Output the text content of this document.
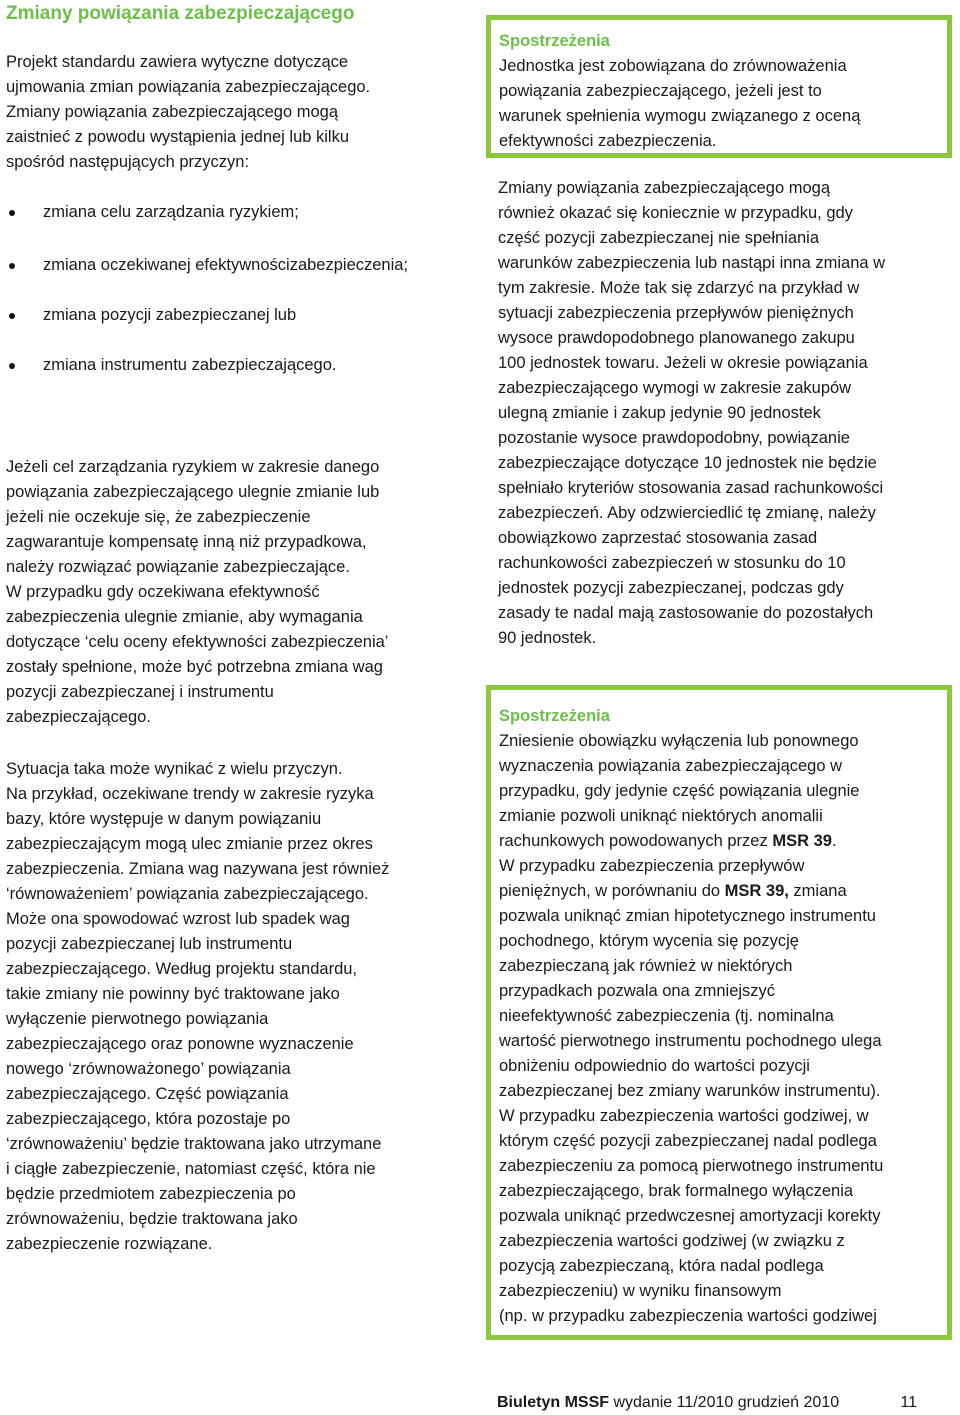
Zmiany powiązania zabezpieczającego
Projekt standardu zawiera wytyczne dotyczące
ujmowania zmian powiązania zabezpieczającego.
Zmiany powiązania zabezpieczającego mogą
zaistnieć z powodu wystąpienia jednej lub kilku
spośród następujących przyczyn:
zmiana celu zarządzania ryzykiem;
zmiana oczekiwanej efektywnościzabezpieczenia;
zmiana pozycji zabezpieczanej lub
zmiana instrumentu zabezpieczającego.
Jeżeli cel zarządzania ryzykiem w zakresie danego
powiązania zabezpieczającego ulegnie zmianie lub
jeżeli nie oczekuje się, że zabezpieczenie
zagwarantuje kompensatę inną niż przypadkowa,
należy rozwiązać powiązanie zabezpieczające.
W przypadku gdy oczekiwana efektywność
zabezpieczenia ulegnie zmianie, aby wymagania
dotyczące ‘celu oceny efektywności zabezpieczenia’
zostały spełnione, może być potrzebna zmiana wag
pozycji zabezpieczanej i instrumentu
zabezpieczającego.
Sytuacja taka może wynikać z wielu przyczyn.
Na przykład, oczekiwane trendy w zakresie ryzyka
bazy, które występuje w danym powiązaniu
zabezpieczającym mogą ulec zmianie przez okres
zabezpieczenia. Zmiana wag nazywana jest również
‘równoważeniem’ powiązania zabezpieczającego.
Może ona spowodować wzrost lub spadek wag
pozycji zabezpieczanej lub instrumentu
zabezpieczającego. Według projektu standardu,
takie zmiany nie powinny być traktowane jako
wyłączenie pierwotnego powiązania
zabezpieczającego oraz ponowne wyznaczenie
nowego ‘zrównoważonego’ powiązania
zabezpieczającego. Część powiązania
zabezpieczającego, która pozostaje po
‘zrównoważeniu’ będzie traktowana jako utrzymane
i ciągłe zabezpieczenie, natomiast część, która nie
będzie przedmiotem zabezpieczenia po
zrównoważeniu, będzie traktowana jako
zabezpieczenie rozwiązane.
Spostrzeżenia
Jednostka jest zobowiązana do zrównoważenia
powiązania zabezpieczającego, jeżeli jest to
warunek spełnienia wymogu związanego z oceną
efektywności zabezpieczenia.
Zmiany powiązania zabezpieczającego mogą
również okazać się koniecznie w przypadku, gdy
część pozycji zabezpieczanej nie spełniania
warunków zabezpieczenia lub nastąpi inna zmiana w
tym zakresie. Może tak się zdarzyć na przykład w
sytuacji zabezpieczenia przepływów pieniężnych
wysoce prawdopodobnego planowanego zakupu
100 jednostek towaru. Jeżeli w okresie powiązania
zabezpieczającego wymogi w zakresie zakupów
ulegną zmianie i zakup jedynie 90 jednostek
pozostanie wysoce prawdopodobny, powiązanie
zabezpieczające dotyczące 10 jednostek nie będzie
spełniało kryteriów stosowania zasad rachunkowości
zabezpieczeń. Aby odzwierciedlić tę zmianę, należy
obowiązkowo zaprzestać stosowania zasad
rachunkowości zabezpieczeń w stosunku do 10
jednostek pozycji zabezpieczanej, podczas gdy
zasady te nadal mają zastosowanie do pozostałych
90 jednostek.
Spostrzeżenia
Zniesienie obowiązku wyłączenia lub ponownego
wyznaczenia powiązania zabezpieczającego w
przypadku, gdy jedynie część powiązania ulegnie
zmianie pozwoli uniknąć niektórych anomalii
rachunkowych powodowanych przez MSR 39.
W przypadku zabezpieczenia przepływów
pieniężnych, w porównaniu do MSR 39, zmiana
pozwala uniknąć zmian hipotetycznego instrumentu
pochodnego, którym wycenia się pozycję
zabezpieczaną jak również w niektórych
przypadkach pozwala ona zmniejszyć
nieefektywność zabezpieczenia (tj. nominalna
wartość pierwotnego instrumentu pochodnego ulega
obniżeniu odpowiednio do wartości pozycji
zabezpieczanej bez zmiany warunków instrumentu).
W przypadku zabezpieczenia wartości godziwej, w
którym część pozycji zabezpieczanej nadal podlega
zabezpieczeniu za pomocą pierwotnego instrumentu
zabezpieczającego, brak formalnego wyłączenia
pozwala uniknąć przedwczesnej amortyzacji korekty
zabezpieczenia wartości godziwej (w związku z
pozycją zabezpieczaną, która nadal podlega
zabezpieczeniu) w wyniku finansowym
(np. w przypadku zabezpieczenia wartości godziwej
Biuletyn MSSF wydanie 11/2010 grudzień 2010	11
